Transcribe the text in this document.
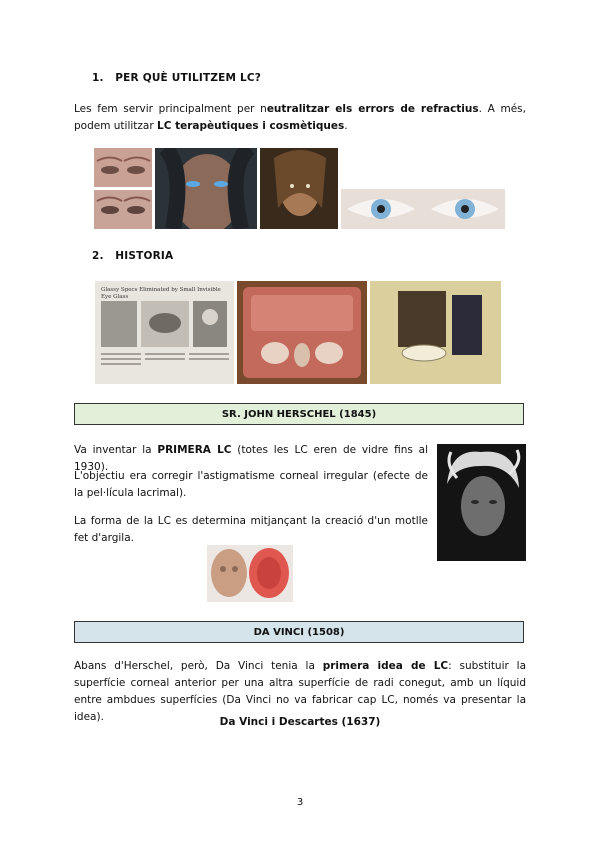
1. PER QUÈ UTILITZEM LC?
Les fem servir principalment per neutralitzar els errors de refractius. A més, podem utilitzar LC terapèutiques i cosmètiques.
2. HISTORIA
Glassy Specs Eliminated by Small Invisible Eye Glass
SR. JOHN HERSCHEL (1845)
Va inventar la PRIMERA LC (totes les LC eren de vidre fins al 1930).
L'objectiu era corregir l'astigmatisme corneal irregular (efecte de la pel·lícula lacrimal).
La forma de la LC es determina mitjançant la creació d'un motlle fet d'argila.
DA VINCI (1508)
Abans d'Herschel, però, Da Vinci tenia la primera idea de LC: substituir la superfície corneal anterior per una altra superfície de radi conegut, amb un líquid entre ambdues superfícies (Da Vinci no va fabricar cap LC, només va presentar la idea).	Da Vinci i Descartes (1637)
3
